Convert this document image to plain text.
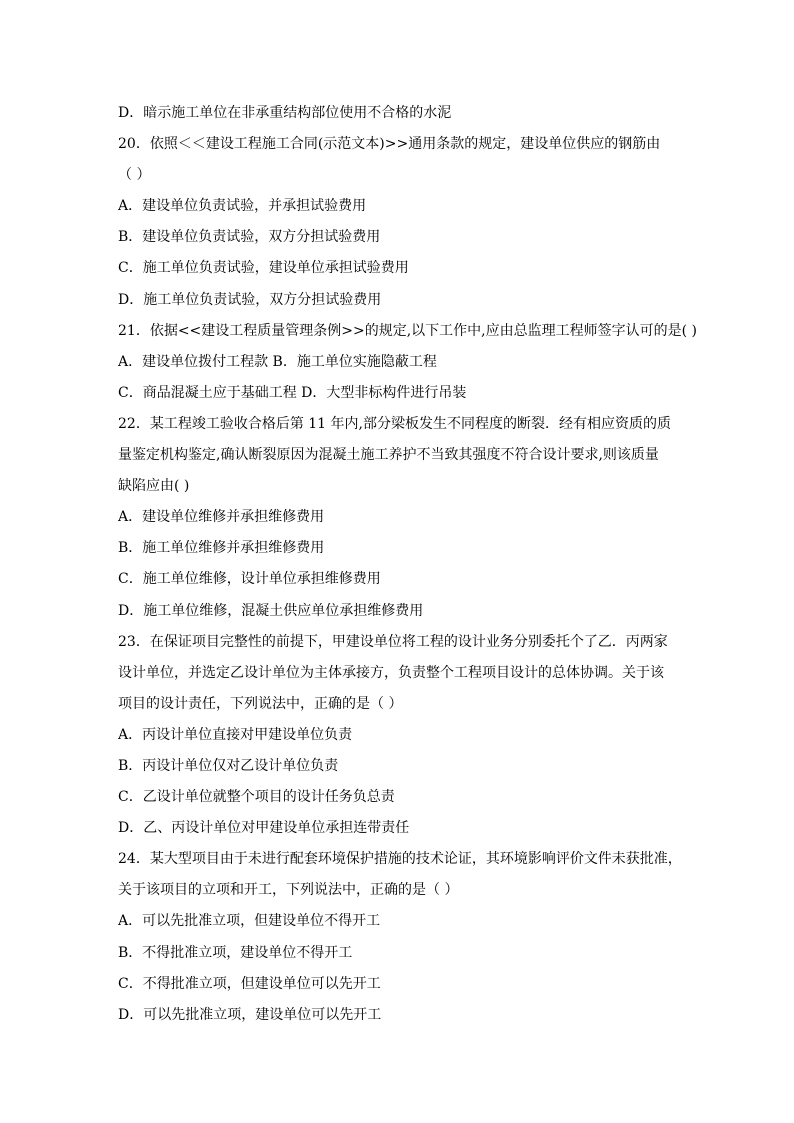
D．暗示施工单位在非承重结构部位使用不合格的水泥
20．依照＜＜建设工程施工合同(示范文本)>>通用条款的规定，建设单位供应的钢筋由
（ ）
A．建设单位负责试验，并承担试验费用
B．建设单位负责试验，双方分担试验费用
C．施工单位负责试验，建设单位承担试验费用
D．施工单位负责试验，双方分担试验费用
21．依据<<建设工程质量管理条例>>的规定,以下工作中,应由总监理工程师签字认可的是( )
A．建设单位拨付工程款 B．施工单位实施隐蔽工程
C．商品混凝土应于基础工程 D．大型非标构件进行吊装
22．某工程竣工验收合格后第 11 年内,部分梁板发生不同程度的断裂．经有相应资质的质
量鉴定机构鉴定,确认断裂原因为混凝土施工养护不当致其强度不符合设计要求,则该质量
缺陷应由( )
A．建设单位维修并承担维修费用
B．施工单位维修并承担维修费用
C．施工单位维修，设计单位承担维修费用
D．施工单位维修，混凝土供应单位承担维修费用
23．在保证项目完整性的前提下，甲建设单位将工程的设计业务分别委托个了乙．丙两家
设计单位，并选定乙设计单位为主体承接方，负责整个工程项目设计的总体协调。关于该
项目的设计责任，下列说法中，正确的是（ ）
A．丙设计单位直接对甲建设单位负责
B．丙设计单位仅对乙设计单位负责
C．乙设计单位就整个项目的设计任务负总责
D．乙、丙设计单位对甲建设单位承担连带责任
24．某大型项目由于未进行配套环境保护措施的技术论证，其环境影响评价文件未获批准，
关于该项目的立项和开工，下列说法中，正确的是（ ）
A．可以先批准立项，但建设单位不得开工
B．不得批准立项，建设单位不得开工
C．不得批准立项，但建设单位可以先开工
D．可以先批准立项，建设单位可以先开工
